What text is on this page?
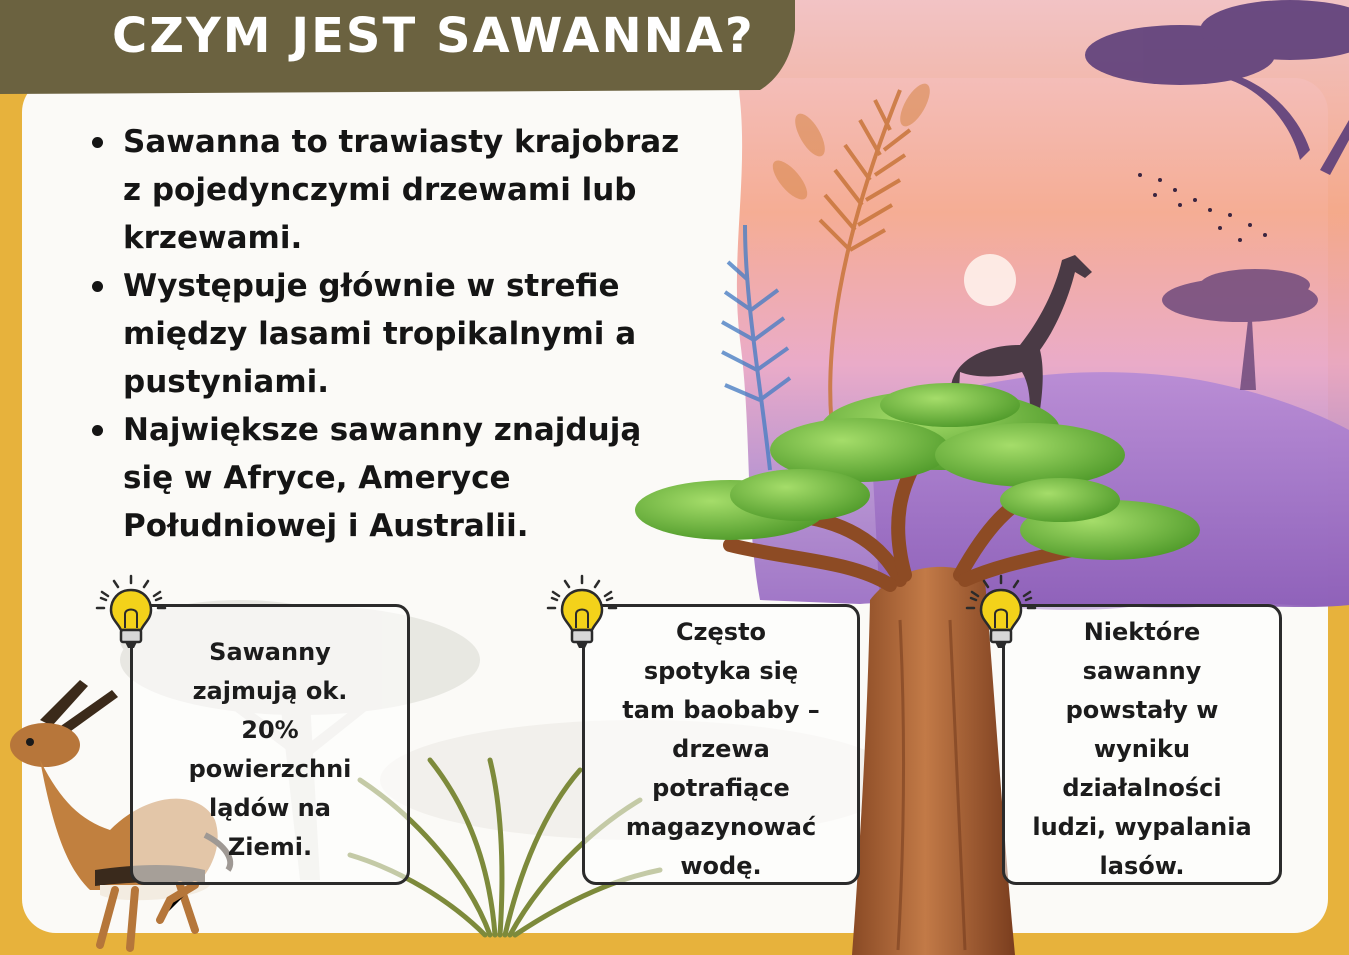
CZYM JEST SAWANNA?
Sawanna to trawiasty krajobraz
z pojedynczymi drzewami lub
krzewami.
Występuje głównie w strefie
między lasami tropikalnymi a
pustyniami.
Największe sawanny znajdują
się w Afryce, Ameryce
Południowej i Australii.
Sawanny
zajmują ok.
20%
powierzchni
lądów na
Ziemi.
Często
spotyka się
tam baobaby –
drzewa
potrafiące
magazynować
wodę.
Niektóre
sawanny
powstały w
wyniku
działalności
ludzi, wypalania
lasów.
